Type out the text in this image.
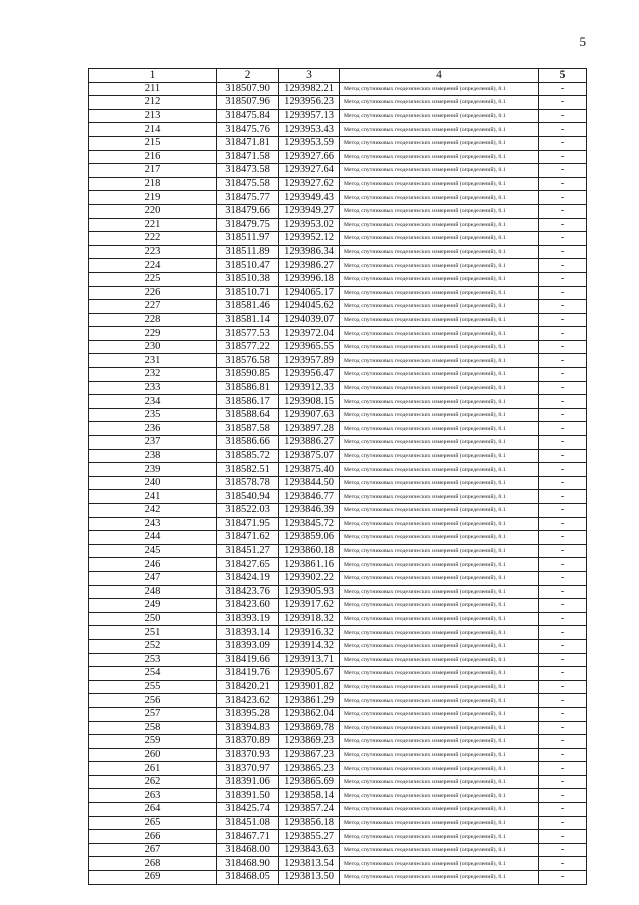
5
1	2	3	4	5
211	318507.90	1293982.21	Метод спутниковых геодезических измерений (определений), 0.1	-
212	318507.96	1293956.23	Метод спутниковых геодезических измерений (определений), 0.1	-
213	318475.84	1293957.13	Метод спутниковых геодезических измерений (определений), 0.1	-
214	318475.76	1293953.43	Метод спутниковых геодезических измерений (определений), 0.1	-
215	318471.81	1293953.59	Метод спутниковых геодезических измерений (определений), 0.1	-
216	318471.58	1293927.66	Метод спутниковых геодезических измерений (определений), 0.1	-
217	318473.58	1293927.64	Метод спутниковых геодезических измерений (определений), 0.1	-
218	318475.58	1293927.62	Метод спутниковых геодезических измерений (определений), 0.1	-
219	318475.77	1293949.43	Метод спутниковых геодезических измерений (определений), 0.1	-
220	318479.66	1293949.27	Метод спутниковых геодезических измерений (определений), 0.1	-
221	318479.75	1293953.02	Метод спутниковых геодезических измерений (определений), 0.1	-
222	318511.97	1293952.12	Метод спутниковых геодезических измерений (определений), 0.1	-
223	318511.89	1293986.34	Метод спутниковых геодезических измерений (определений), 0.1	-
224	318510.47	1293986.27	Метод спутниковых геодезических измерений (определений), 0.1	-
225	318510.38	1293996.18	Метод спутниковых геодезических измерений (определений), 0.1	-
226	318510.71	1294065.17	Метод спутниковых геодезических измерений (определений), 0.1	-
227	318581.46	1294045.62	Метод спутниковых геодезических измерений (определений), 0.1	-
228	318581.14	1294039.07	Метод спутниковых геодезических измерений (определений), 0.1	-
229	318577.53	1293972.04	Метод спутниковых геодезических измерений (определений), 0.1	-
230	318577.22	1293965.55	Метод спутниковых геодезических измерений (определений), 0.1	-
231	318576.58	1293957.89	Метод спутниковых геодезических измерений (определений), 0.1	-
232	318590.85	1293956.47	Метод спутниковых геодезических измерений (определений), 0.1	-
233	318586.81	1293912.33	Метод спутниковых геодезических измерений (определений), 0.1	-
234	318586.17	1293908.15	Метод спутниковых геодезических измерений (определений), 0.1	-
235	318588.64	1293907.63	Метод спутниковых геодезических измерений (определений), 0.1	-
236	318587.58	1293897.28	Метод спутниковых геодезических измерений (определений), 0.1	-
237	318586.66	1293886.27	Метод спутниковых геодезических измерений (определений), 0.1	-
238	318585.72	1293875.07	Метод спутниковых геодезических измерений (определений), 0.1	-
239	318582.51	1293875.40	Метод спутниковых геодезических измерений (определений), 0.1	-
240	318578.78	1293844.50	Метод спутниковых геодезических измерений (определений), 0.1	-
241	318540.94	1293846.77	Метод спутниковых геодезических измерений (определений), 0.1	-
242	318522.03	1293846.39	Метод спутниковых геодезических измерений (определений), 0.1	-
243	318471.95	1293845.72	Метод спутниковых геодезических измерений (определений), 0.1	-
244	318471.62	1293859.06	Метод спутниковых геодезических измерений (определений), 0.1	-
245	318451.27	1293860.18	Метод спутниковых геодезических измерений (определений), 0.1	-
246	318427.65	1293861.16	Метод спутниковых геодезических измерений (определений), 0.1	-
247	318424.19	1293902.22	Метод спутниковых геодезических измерений (определений), 0.1	-
248	318423.76	1293905.93	Метод спутниковых геодезических измерений (определений), 0.1	-
249	318423.60	1293917.62	Метод спутниковых геодезических измерений (определений), 0.1	-
250	318393.19	1293918.32	Метод спутниковых геодезических измерений (определений), 0.1	-
251	318393.14	1293916.32	Метод спутниковых геодезических измерений (определений), 0.1	-
252	318393.09	1293914.32	Метод спутниковых геодезических измерений (определений), 0.1	-
253	318419.66	1293913.71	Метод спутниковых геодезических измерений (определений), 0.1	-
254	318419.76	1293905.67	Метод спутниковых геодезических измерений (определений), 0.1	-
255	318420.21	1293901.82	Метод спутниковых геодезических измерений (определений), 0.1	-
256	318423.62	1293861.29	Метод спутниковых геодезических измерений (определений), 0.1	-
257	318395.28	1293862.04	Метод спутниковых геодезических измерений (определений), 0.1	-
258	318394.83	1293869.78	Метод спутниковых геодезических измерений (определений), 0.1	-
259	318370.89	1293869.23	Метод спутниковых геодезических измерений (определений), 0.1	-
260	318370.93	1293867.23	Метод спутниковых геодезических измерений (определений), 0.1	-
261	318370.97	1293865.23	Метод спутниковых геодезических измерений (определений), 0.1	-
262	318391.06	1293865.69	Метод спутниковых геодезических измерений (определений), 0.1	-
263	318391.50	1293858.14	Метод спутниковых геодезических измерений (определений), 0.1	-
264	318425.74	1293857.24	Метод спутниковых геодезических измерений (определений), 0.1	-
265	318451.08	1293856.18	Метод спутниковых геодезических измерений (определений), 0.1	-
266	318467.71	1293855.27	Метод спутниковых геодезических измерений (определений), 0.1	-
267	318468.00	1293843.63	Метод спутниковых геодезических измерений (определений), 0.1	-
268	318468.90	1293813.54	Метод спутниковых геодезических измерений (определений), 0.1	-
269	318468.05	1293813.50	Метод спутниковых геодезических измерений (определений), 0.1	-
